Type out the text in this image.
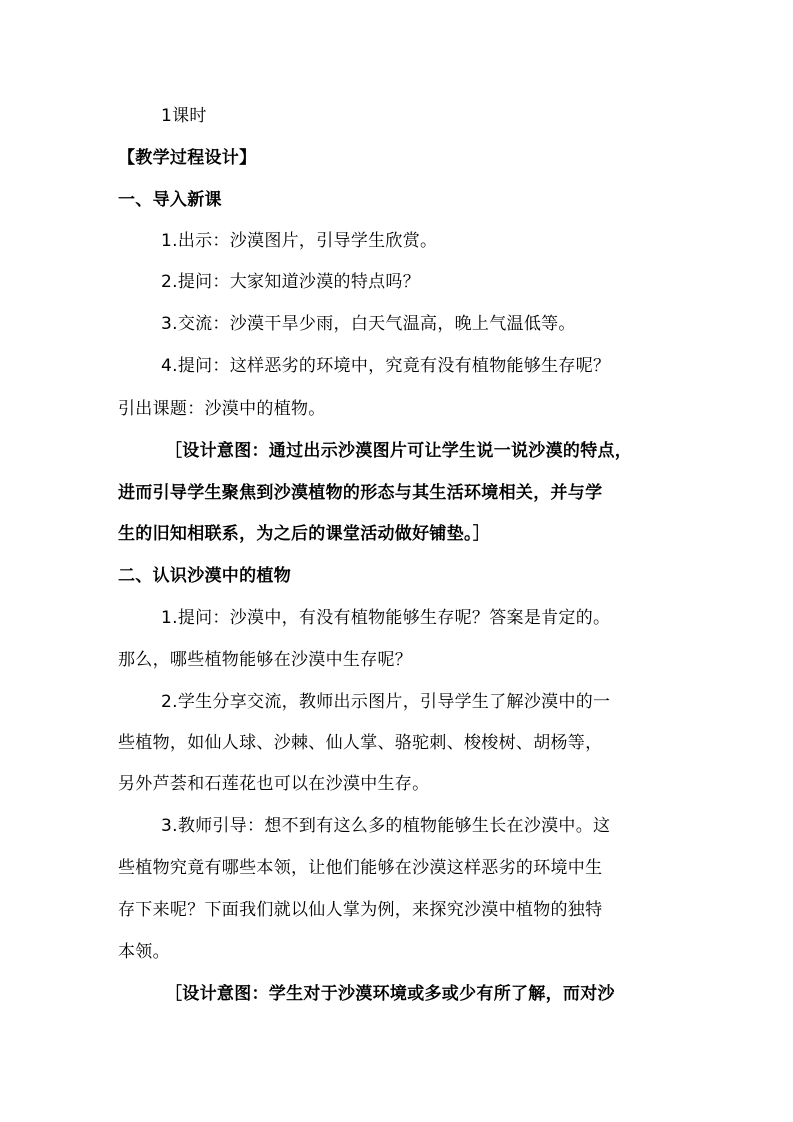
1课时
【教学过程设计】
一、导入新课
1.出示：沙漠图片，引导学生欣赏。
2.提问：大家知道沙漠的特点吗？
3.交流：沙漠干旱少雨，白天气温高，晚上气温低等。
4.提问：这样恶劣的环境中，究竟有没有植物能够生存呢？
引出课题：沙漠中的植物。
［设计意图：通过出示沙漠图片可让学生说一说沙漠的特点，
进而引导学生聚焦到沙漠植物的形态与其生活环境相关，并与学
生的旧知相联系，为之后的课堂活动做好铺垫。］
二、认识沙漠中的植物
1.提问：沙漠中，有没有植物能够生存呢？答案是肯定的。
那么，哪些植物能够在沙漠中生存呢？
2.学生分享交流，教师出示图片，引导学生了解沙漠中的一
些植物，如仙人球、沙棘、仙人掌、骆驼刺、梭梭树、胡杨等，
另外芦荟和石莲花也可以在沙漠中生存。
3.教师引导：想不到有这么多的植物能够生长在沙漠中。这
些植物究竟有哪些本领，让他们能够在沙漠这样恶劣的环境中生
存下来呢？下面我们就以仙人掌为例，来探究沙漠中植物的独特
本领。
［设计意图：学生对于沙漠环境或多或少有所了解，而对沙
